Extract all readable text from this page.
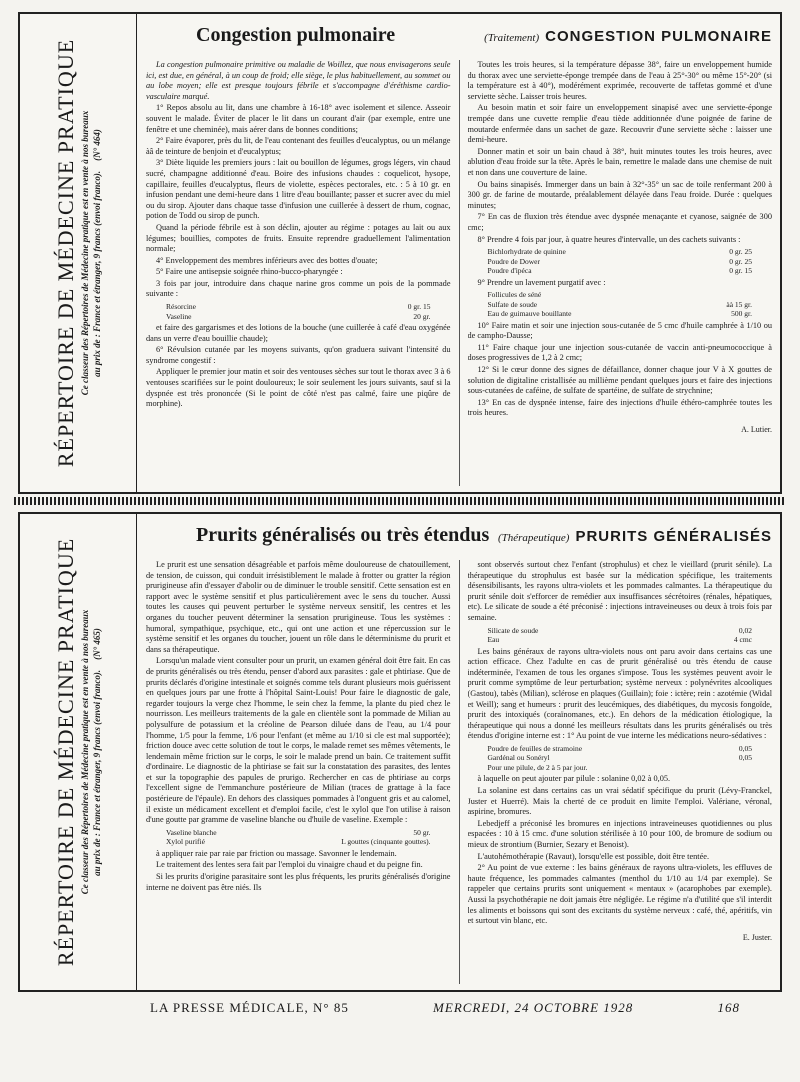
RÉPERTOIRE DE MÉDECINE PRATIQUE Ce classeur des Répertoires de Médecine pratique est en vente à nos bureaux au prix de : France et étranger, 9 francs (envoi franco).(N° 464)
Congestion pulmonaire	(Traitement) CONGESTION PULMONAIRE

La congestion pulmonaire primitive ou maladie de Woillez, que nous envisagerons seule ici, est due, en général, à un coup de froid; elle siège, le plus habituellement, au sommet ou au lobe moyen; elle est presque toujours fébrile et s'accompagne d'éréthisme cardio-vasculaire marqué.

1° Repos absolu au lit, dans une chambre à 16-18° avec isolement et silence. Asseoir souvent le malade. Éviter de placer le lit dans un courant d'air (par exemple, entre une fenêtre et une cheminée), mais aérer dans de bonnes conditions;

2° Faire évaporer, près du lit, de l'eau contenant des feuilles d'eucalyptus, ou un mélange àâ de teinture de benjoin et d'eucalyptus;

3° Diète liquide les premiers jours : lait ou bouillon de légumes, grogs légers, vin chaud sucré, champagne additionné d'eau. Boire des infusions chaudes : coquelicot, hysope, capillaire, feuilles d'eucalyptus, fleurs de violette, espèces pectorales, etc. : 5 à 10 gr. en infusion pendant une demi-heure dans 1 litre d'eau bouillante; passer et sucrer avec du miel ou du sirop. Ajouter dans chaque tasse d'infusion une cuillerée à dessert de rhum, cognac, potion de Todd ou sirop de punch.

Quand la période fébrile est à son déclin, ajouter au régime : potages au lait ou aux légumes; bouillies, compotes de fruits. Ensuite reprendre graduellement l'alimentation normale;

4° Enveloppement des membres inférieurs avec des bottes d'ouate;

5° Faire une antisepsie soignée rhino-bucco-pharyngée :

3 fois par jour, introduire dans chaque narine gros comme un pois de la pommade suivante :

Résorcine	0 gr. 15
Vaseline	20 gr.

et faire des gargarismes et des lotions de la bouche (une cuillerée à café d'eau oxygénée dans un verre d'eau bouillie chaude);

6° Révulsion cutanée par les moyens suivants, qu'on graduera suivant l'intensité du syndrome congestif :

Appliquer le premier jour matin et soir des ventouses sèches sur tout le thorax avec 3 à 6 ventouses scarifiées sur le point douloureux; le soir seulement les jours suivants, sauf si la dyspnée est très prononcée (Si le point de côté n'est pas calmé, faire une piqûre de morphine).

Toutes les trois heures, si la température dépasse 38°, faire un enveloppement humide du thorax avec une serviette-éponge trempée dans de l'eau à 25°-30° ou même 15°-20° (si la température est à 40°), modérément exprimée, recouverte de taffetas gommé et d'une serviette sèche. Laisser trois heures.

Au besoin matin et soir faire un enveloppement sinapisé avec une serviette-éponge trempée dans une cuvette remplie d'eau tiède additionnée d'une poignée de farine de moutarde enfermée dans un sachet de gaze. Recouvrir d'une serviette sèche : laisser une demi-heure.

Donner matin et soir un bain chaud à 38°, huit minutes toutes les trois heures, avec ablution d'eau froide sur la tête. Après le bain, remettre le malade dans une chemise de nuit et non dans une couverture de laine.

Ou bains sinapisés. Immerger dans un bain à 32°-35° un sac de toile renfermant 200 à 300 gr. de farine de moutarde, préalablement délayée dans l'eau froide. Durée : quelques minutes;

7° En cas de fluxion très étendue avec dyspnée menaçante et cyanose, saignée de 300 cmc;

8° Prendre 4 fois par jour, à quatre heures d'intervalle, un des cachets suivants :

Bichlorhydrate de quinine	0 gr. 25
Poudre de Dower	0 gr. 25
Poudre d'ipéca	0 gr. 15

9° Prendre un lavement purgatif avec :

Follicules de séné
Sulfate de soude	àà 15 gr.
Eau de guimauve bouillante	500 gr.

10° Faire matin et soir une injection sous-cutanée de 5 cmc d'huile camphrée à 1/10 ou de campho-Dausse;

11° Faire chaque jour une injection sous-cutanée de vaccin anti-pneumococcique à doses progressives de 1,2 à 2 cmc;

12° Si le cœur donne des signes de défaillance, donner chaque jour V à X gouttes de solution de digitaline cristallisée au millième pendant quelques jours et faire des injections sous-cutanées de caféine, de sulfate de spartéine, de sulfate de strychnine;

13° En cas de dyspnée intense, faire des injections d'huile éthéro-camphrée toutes les trois heures.

A. Lutier.
RÉPERTOIRE DE MÉDECINE PRATIQUE Ce classeur des Répertoires de Médecine pratique est en vente à nos bureaux au prix de : France et étranger, 9 francs (envoi franco).(N° 465)
Prurits généralisés ou très étendus (Thérapeutique) PRURITS GÉNÉRALISÉS

Le prurit est une sensation désagréable et parfois même douloureuse de chatouillement, de tension, de cuisson, qui conduit irrésistiblement le malade à frotter ou gratter la région prurigineuse afin d'essayer d'abolir ou de diminuer le trouble sensitif. Cette sensation est en rapport avec le système sensitif et plus particulièrement avec le sens du toucher. Aussi toutes les causes qui peuvent perturber le système nerveux sensitif, les centres et les organes du toucher peuvent déterminer la sensation prurigineuse. Tous les systèmes : humoral, sympathique, psychique, etc., qui ont une action et une répercussion sur le système sensitif et les organes du toucher, jouent un rôle dans le déterminisme du prurit et dans sa thérapeutique.

Lorsqu'un malade vient consulter pour un prurit, un examen général doit être fait. En cas de prurits généralisés ou très étendu, penser d'abord aux parasites : gale et phtiriase. Que de prurits déclarés d'origine intestinale et soignés comme tels durant plusieurs mois guérissent en quelques jours par une frotte à l'hôpital Saint-Louis! Pour faire le diagnostic de gale, regarder toujours la verge chez l'homme, le sein chez la femme, la plante du pied chez le nourrisson. Les meilleurs traitements de la gale en clientèle sont la pommade de Milian au polysulfure de potassium et la créoline de Pearson diluée dans de l'eau, au 1/4 pour l'homme, 1/5 pour la femme, 1/6 pour l'enfant (et même au 1/10 si cle est mal supportée); friction douce avec cette solution de tout le corps, le malade remet ses mêmes vêtements, le lendemain même friction sur le corps, le soir le malade prend un bain. Ce traitement suffit d'ordinaire. Le diagnostic de la phtiriase se fait sur la constatation des parasites, des lentes et sur la topographie des papules de prurigo. Rechercher en cas de phtiriase au corps l'excellent signe de l'emmanchure postérieure de Milian (traces de grattage à la face postérieure de l'épaule). En dehors des classiques pommades à l'onguent gris et au calomel, il existe un médicament excellent et d'emploi facile, c'est le xylol que l'on utilise à raison d'une goutte par gramme de vaseline blanche ou d'huile de vaseline. Exemple :

Vaseline blanche	50 gr.
Xylol purifié	L gouttes (cinquante gouttes).

à appliquer raie par raie par friction ou massage. Savonner le lendemain.

Le traitement des lentes sera fait par l'emploi du vinaigre chaud et du peigne fin.

Si les prurits d'origine parasitaire sont les plus fréquents, les prurits généralisés d'origine interne ne doivent pas être niés. Ils

sont observés surtout chez l'enfant (strophulus) et chez le vieillard (prurit sénile). La thérapeutique du strophulus est basée sur la médication spécifique, les traitements désensibilisants, les rayons ultra-violets et les pommades calmantes. La thérapeutique du prurit sénile doit s'efforcer de remédier aux insuffisances sécrétoires (rénales, hépatiques, etc). Le silicate de soude a été préconisé : injections intraveineuses ou deux à trois fois par semaine.

Silicate de soude	0,02
Eau	4 cmc

Les bains généraux de rayons ultra-violets nous ont paru avoir dans certains cas une action efficace. Chez l'adulte en cas de prurit généralisé ou très étendu de cause indéterminée, l'examen de tous les organes s'impose. Tous les systèmes peuvent avoir le prurit comme symptôme de leur perturbation; système nerveux : polynévrites alcooliques (Gastou), tabès (Milian), sclérose en plaques (Guillain); foie : ictère; rein : azotémie (Widal et Weill); sang et humeurs : prurit des leucémiques, des diabétiques, du mycosis fongoïde, prurit des intoxiqués (coraïnomanes, etc.). En dehors de la médication étiologique, la thérapeutique qui nous a donné les meilleurs résultats dans les prurits généralisés ou très étendus d'origine interne est : 1° Au point de vue interne les médications neuro-sédatives :

Poudre de feuilles de stramoine	0,05
Gardénal ou Sonéryl	0,05
Pour une pilule, de 2 à 5 par jour.

à laquelle on peut ajouter par pilule : solanine 0,02 à 0,05.

La solanine est dans certains cas un vrai sédatif spécifique du prurit (Lévy-Franckel, Juster et Huerré). Mais la cherté de ce produit en limite l'emploi. Valériane, véronal, aspirine, bromures.

Lebedjeff a préconisé les bromures en injections intraveineuses quotidiennes ou plus espacées : 10 à 15 cmc. d'une solution stérilisée à 10 pour 100, de bromure de sodium ou mieux de strontium (Burnier, Sezary et Benoist).

L'autohémothérapie (Ravaut), lorsqu'elle est possible, doit être tentée.

2° Au point de vue externe : les bains généraux de rayons ultra-violets, les effluves de haute fréquence, les pommades calmantes (menthol du 1/10 au 1/4 par exemple). Se rappeler que certains prurits sont uniquement « mentaux » (acarophobes par exemple). Aussi la psychothérapie ne doit jamais être négligée. Le régime n'a d'utilité que s'il interdit les aliments et boissons qui sont des excitants du système nerveux : café, thé, apéritifs, vin et surtout vin blanc, etc.

E. Juster.
LA PRESSE MÉDICALE, N° 85	MERCREDI, 24 OCTOBRE 1928	168
